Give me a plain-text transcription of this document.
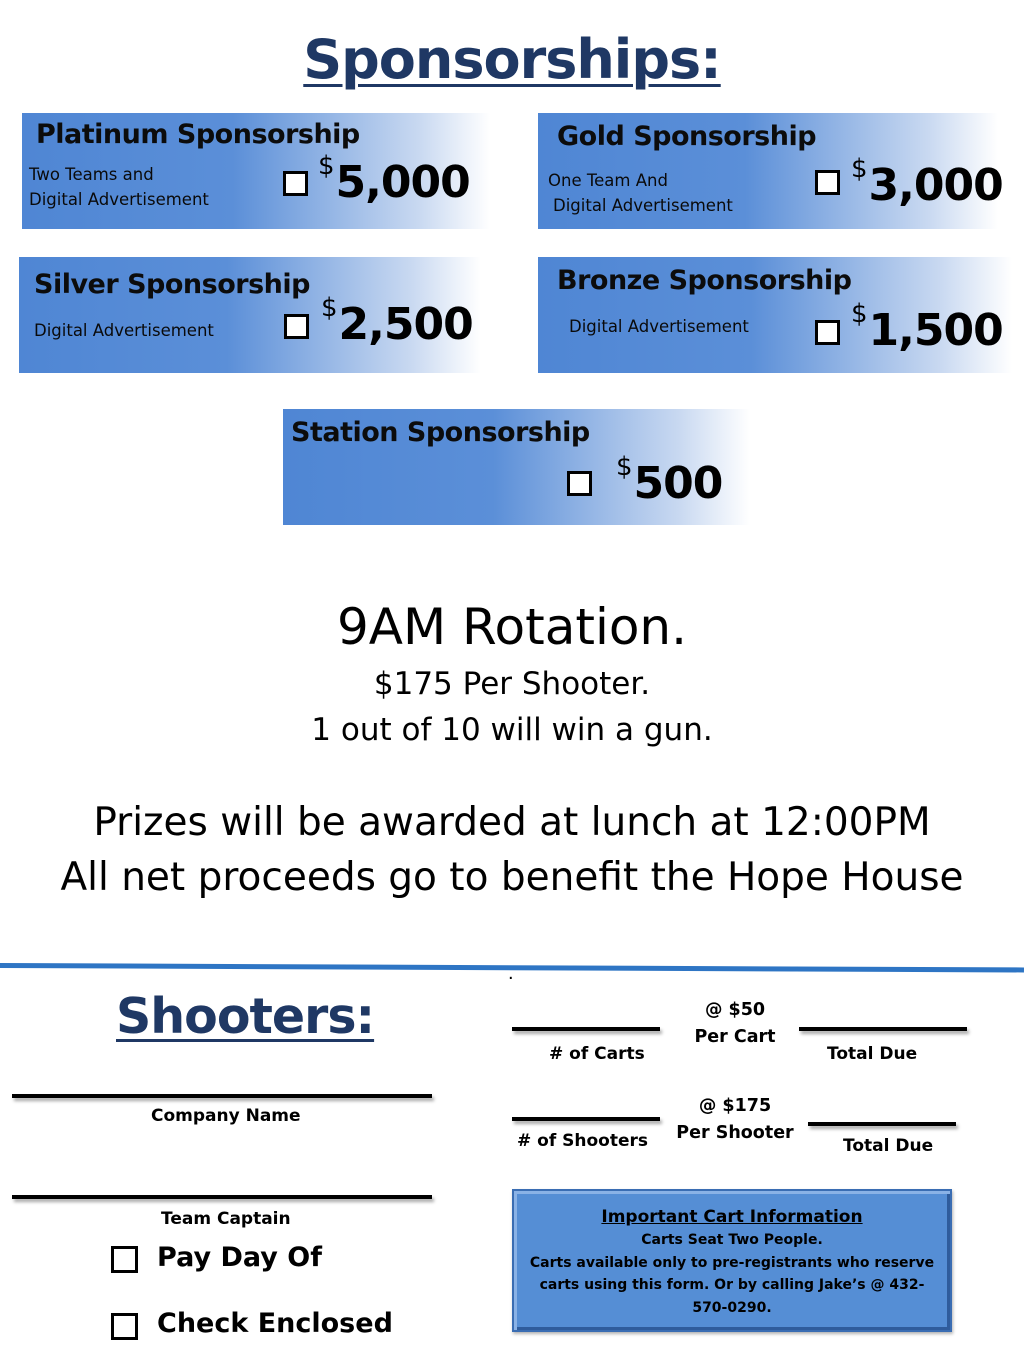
Sponsorships:
Platinum Sponsorship
Two Teams and
Digital Advertisement
$5,000
Gold Sponsorship
One Team And
Digital Advertisement
$3,000
Silver Sponsorship
Digital Advertisement
$2,500
Bronze Sponsorship
Digital Advertisement	$1,500
Station Sponsorship
$500
9AM Rotation.
$175 Per Shooter.
1 out of 10 will win a gun.
Prizes will be awarded at lunch at 12:00PM
All net proceeds go to benefit the Hope House
.
Shooters:
Company Name
Team Captain
Pay Day Of
Check Enclosed
@ $50
Per Cart
# of Carts	Total Due
@ $175
Per Shooter
# of Shooters	Total Due
Important Cart Information
Carts Seat Two People.
Carts available only to pre-registrants who reserve carts using this form. Or by calling Jake’s @ 432-570-0290.
